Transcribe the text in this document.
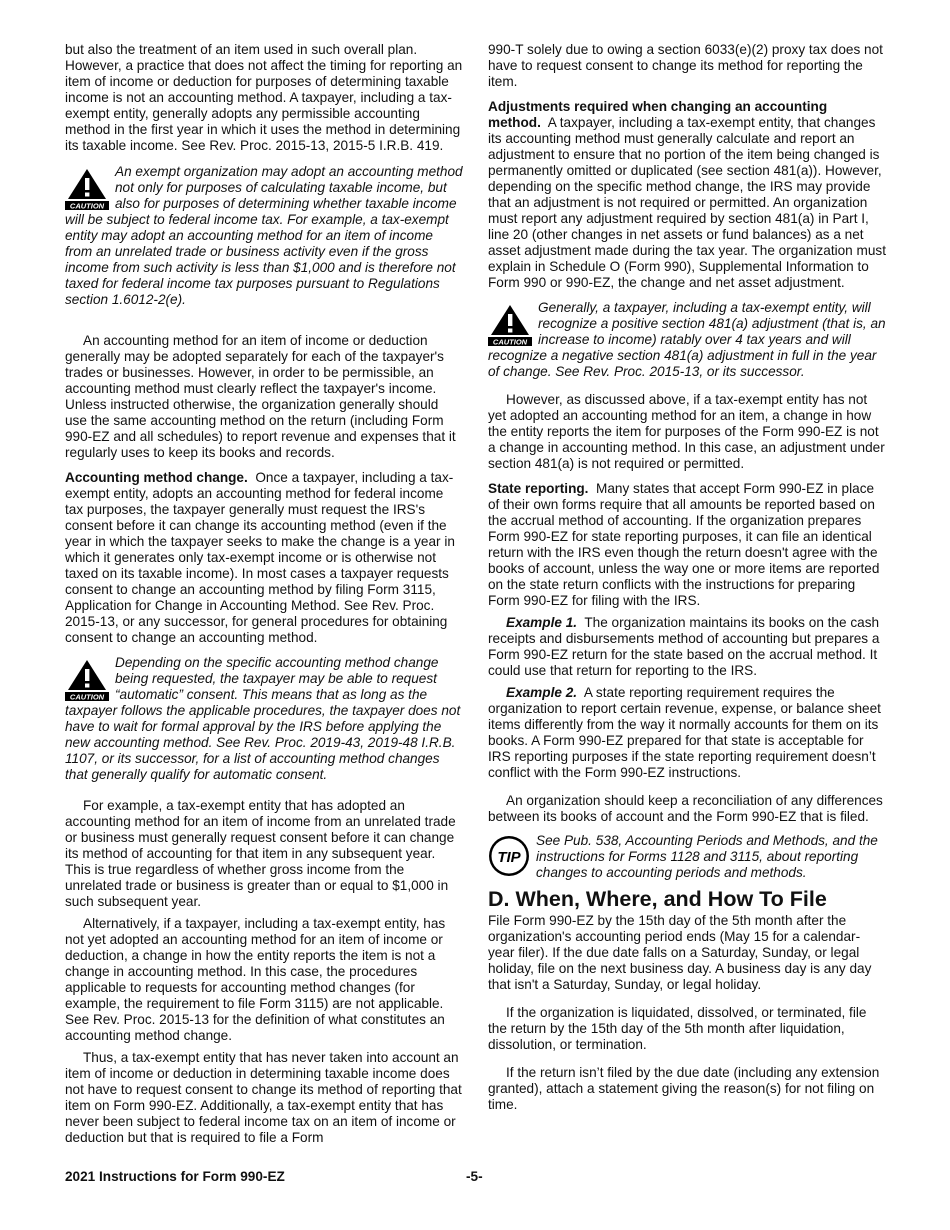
but also the treatment of an item used in such overall plan. However, a practice that does not affect the timing for reporting an item of income or deduction for purposes of determining taxable income is not an accounting method. A taxpayer, including a tax-exempt entity, generally adopts any permissible accounting method in the first year in which it uses the method in determining its taxable income. See Rev. Proc. 2015-13, 2015-5 I.R.B. 419.

CAUTION
An exempt organization may adopt an accounting method not only for purposes of calculating taxable income, but also for purposes of determining whether taxable income will be subject to federal income tax. For example, a tax-exempt entity may adopt an accounting method for an item of income from an unrelated trade or business activity even if the gross income from such activity is less than $1,000 and is therefore not taxed for federal income tax purposes pursuant to Regulations section 1.6012-2(e).

An accounting method for an item of income or deduction generally may be adopted separately for each of the taxpayer's trades or businesses. However, in order to be permissible, an accounting method must clearly reflect the taxpayer's income. Unless instructed otherwise, the organization generally should use the same accounting method on the return (including Form 990-EZ and all schedules) to report revenue and expenses that it regularly uses to keep its books and records.

Accounting method change. Once a taxpayer, including a tax-exempt entity, adopts an accounting method for federal income tax purposes, the taxpayer generally must request the IRS's consent before it can change its accounting method (even if the year in which the taxpayer seeks to make the change is a year in which it generates only tax-exempt income or is otherwise not taxed on its taxable income). In most cases a taxpayer requests consent to change an accounting method by filing Form 3115, Application for Change in Accounting Method. See Rev. Proc. 2015-13, or any successor, for general procedures for obtaining consent to change an accounting method.

CAUTION
Depending on the specific accounting method change being requested, the taxpayer may be able to request “automatic” consent. This means that as long as the taxpayer follows the applicable procedures, the taxpayer does not have to wait for formal approval by the IRS before applying the new accounting method. See Rev. Proc. 2019-43, 2019-48 I.R.B. 1107, or its successor, for a list of accounting method changes that generally qualify for automatic consent.

For example, a tax-exempt entity that has adopted an accounting method for an item of income from an unrelated trade or business must generally request consent before it can change its method of accounting for that item in any subsequent year. This is true regardless of whether gross income from the unrelated trade or business is greater than or equal to $1,000 in such subsequent year.

Alternatively, if a taxpayer, including a tax-exempt entity, has not yet adopted an accounting method for an item of income or deduction, a change in how the entity reports the item is not a change in accounting method. In this case, the procedures applicable to requests for accounting method changes (for example, the requirement to file Form 3115) are not applicable. See Rev. Proc. 2015-13 for the definition of what constitutes an accounting method change.

Thus, a tax-exempt entity that has never taken into account an item of income or deduction in determining taxable income does not have to request consent to change its method of reporting that item on Form 990-EZ. Additionally, a tax-exempt entity that has never been subject to federal income tax on an item of income or deduction but that is required to file a Form

990-T solely due to owing a section 6033(e)(2) proxy tax does not have to request consent to change its method for reporting the item.

Adjustments required when changing an accounting method. A taxpayer, including a tax-exempt entity, that changes its accounting method must generally calculate and report an adjustment to ensure that no portion of the item being changed is permanently omitted or duplicated (see section 481(a)). However, depending on the specific method change, the IRS may provide that an adjustment is not required or permitted. An organization must report any adjustment required by section 481(a) in Part I, line 20 (other changes in net assets or fund balances) as a net asset adjustment made during the tax year. The organization must explain in Schedule O (Form 990), Supplemental Information to Form 990 or 990-EZ, the change and net asset adjustment.

CAUTION
Generally, a taxpayer, including a tax-exempt entity, will recognize a positive section 481(a) adjustment (that is, an increase to income) ratably over 4 tax years and will recognize a negative section 481(a) adjustment in full in the year of change. See Rev. Proc. 2015-13, or its successor.

However, as discussed above, if a tax-exempt entity has not yet adopted an accounting method for an item, a change in how the entity reports the item for purposes of the Form 990-EZ is not a change in accounting method. In this case, an adjustment under section 481(a) is not required or permitted.

State reporting. Many states that accept Form 990-EZ in place of their own forms require that all amounts be reported based on the accrual method of accounting. If the organization prepares Form 990-EZ for state reporting purposes, it can file an identical return with the IRS even though the return doesn't agree with the books of account, unless the way one or more items are reported on the state return conflicts with the instructions for preparing Form 990-EZ for filing with the IRS.

Example 1. The organization maintains its books on the cash receipts and disbursements method of accounting but prepares a Form 990-EZ return for the state based on the accrual method. It could use that return for reporting to the IRS.

Example 2. A state reporting requirement requires the organization to report certain revenue, expense, or balance sheet items differently from the way it normally accounts for them on its books. A Form 990-EZ prepared for that state is acceptable for IRS reporting purposes if the state reporting requirement doesn’t conflict with the Form 990-EZ instructions.

An organization should keep a reconciliation of any differences between its books of account and the Form 990-EZ that is filed.

TIP
See Pub. 538, Accounting Periods and Methods, and the instructions for Forms 1128 and 3115, about reporting changes to accounting periods and methods.
D. When, Where, and How To File

File Form 990-EZ by the 15th day of the 5th month after the organization's accounting period ends (May 15 for a calendar-year filer). If the due date falls on a Saturday, Sunday, or legal holiday, file on the next business day. A business day is any day that isn't a Saturday, Sunday, or legal holiday.

If the organization is liquidated, dissolved, or terminated, file the return by the 15th day of the 5th month after liquidation, dissolution, or termination.

If the return isn’t filed by the due date (including any extension granted), attach a statement giving the reason(s) for not filing on time.

2021 Instructions for Form 990-EZ	-5-
